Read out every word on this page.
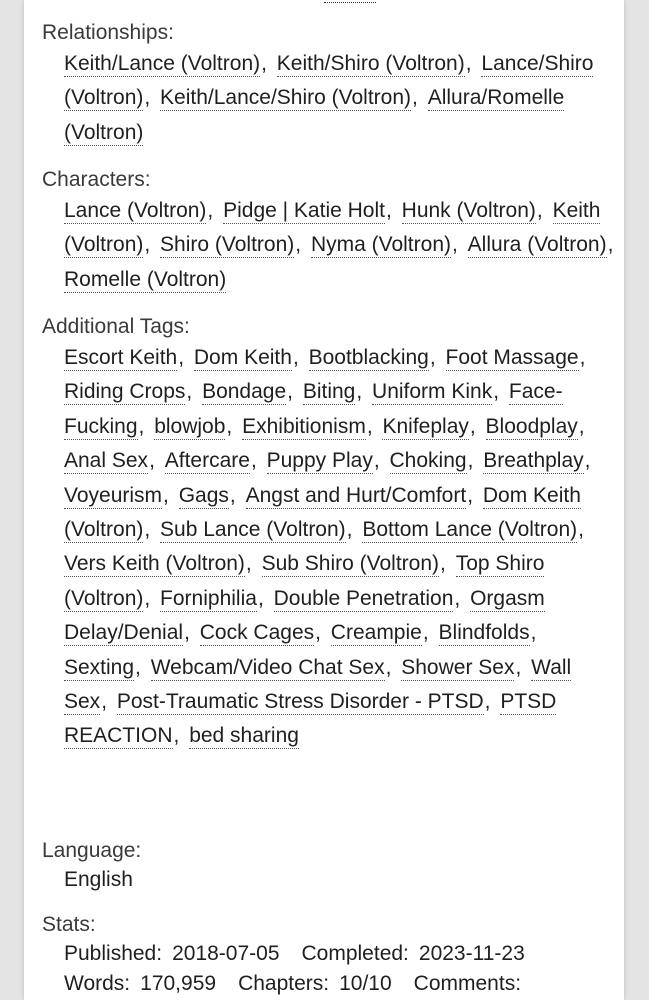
Relationships:
Keith/Lance (Voltron), Keith/Shiro (Voltron), Lance/Shiro (Voltron), Keith/Lance/Shiro (Voltron), Allura/Romelle (Voltron)
Characters:
Lance (Voltron), Pidge | Katie Holt, Hunk (Voltron), Keith (Voltron), Shiro (Voltron), Nyma (Voltron), Allura (Voltron), Romelle (Voltron)
Additional Tags:
Escort Keith, Dom Keith, Bootblacking, Foot Massage, Riding Crops, Bondage, Biting, Uniform Kink, Face-Fucking, blowjob, Exhibitionism, Knifeplay, Bloodplay, Anal Sex, Aftercare, Puppy Play, Choking, Breathplay, Voyeurism, Gags, Angst and Hurt/Comfort, Dom Keith (Voltron), Sub Lance (Voltron), Bottom Lance (Voltron), Vers Keith (Voltron), Sub Shiro (Voltron), Top Shiro (Voltron), Forniphilia, Double Penetration, Orgasm Delay/Denial, Cock Cages, Creampie, Blindfolds, Sexting, Webcam/Video Chat Sex, Shower Sex, Wall Sex, Post-Traumatic Stress Disorder - PTSD, PTSD REACTION, bed sharing
Language:
English
Stats:
Published: 2018-07-05 Completed: 2023-11-23
Words: 170,959 Chapters: 10/10 Comments:
